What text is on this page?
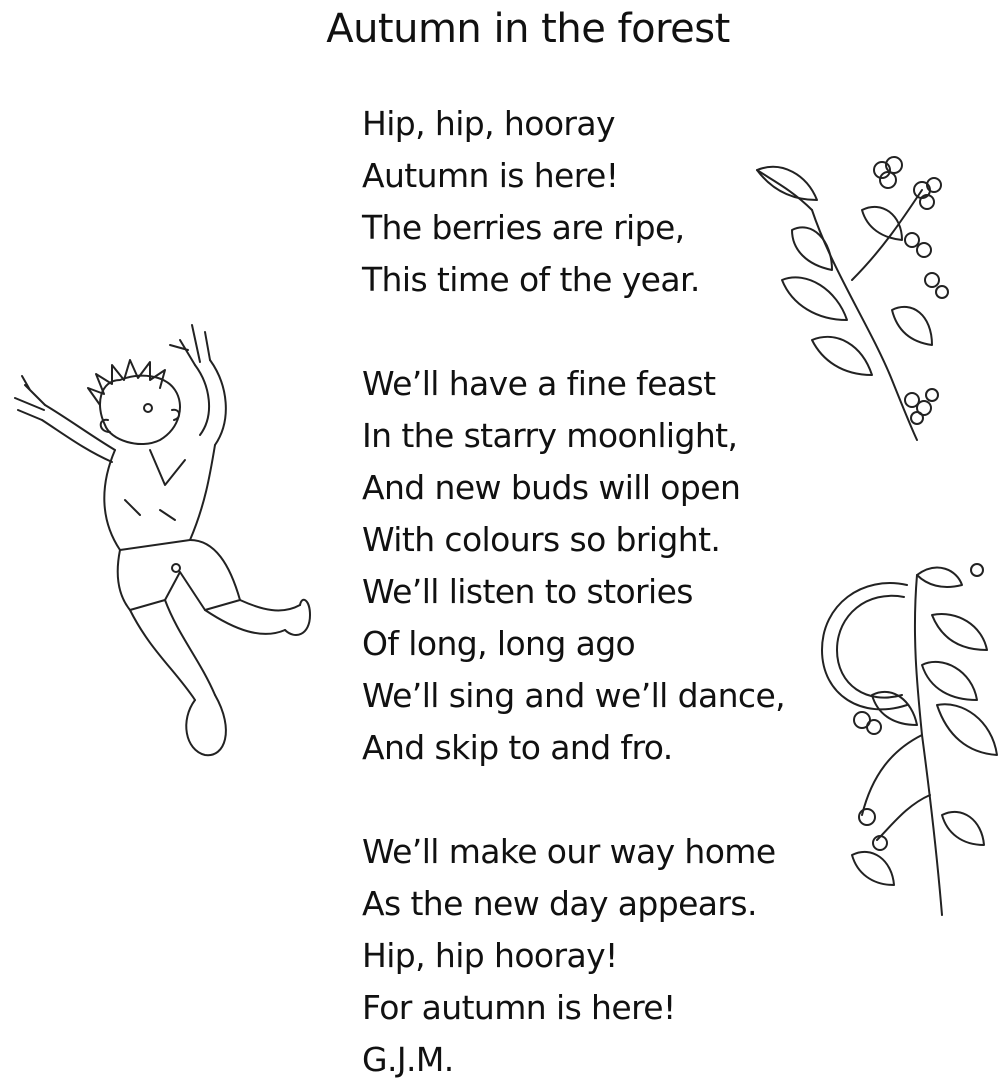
Autumn in the forest
Hip, hip, hooray
Autumn is here!
The berries are ripe,
This time of the year.
We’ll have a fine feast
In the starry moonlight,
And new buds will open
With colours so bright.
We’ll listen to stories
Of long, long ago
We’ll sing and we’ll dance,
And skip to and fro.
We’ll make our way home
As the new day appears.
Hip, hip hooray!
For autumn is here!
G.J.M.
